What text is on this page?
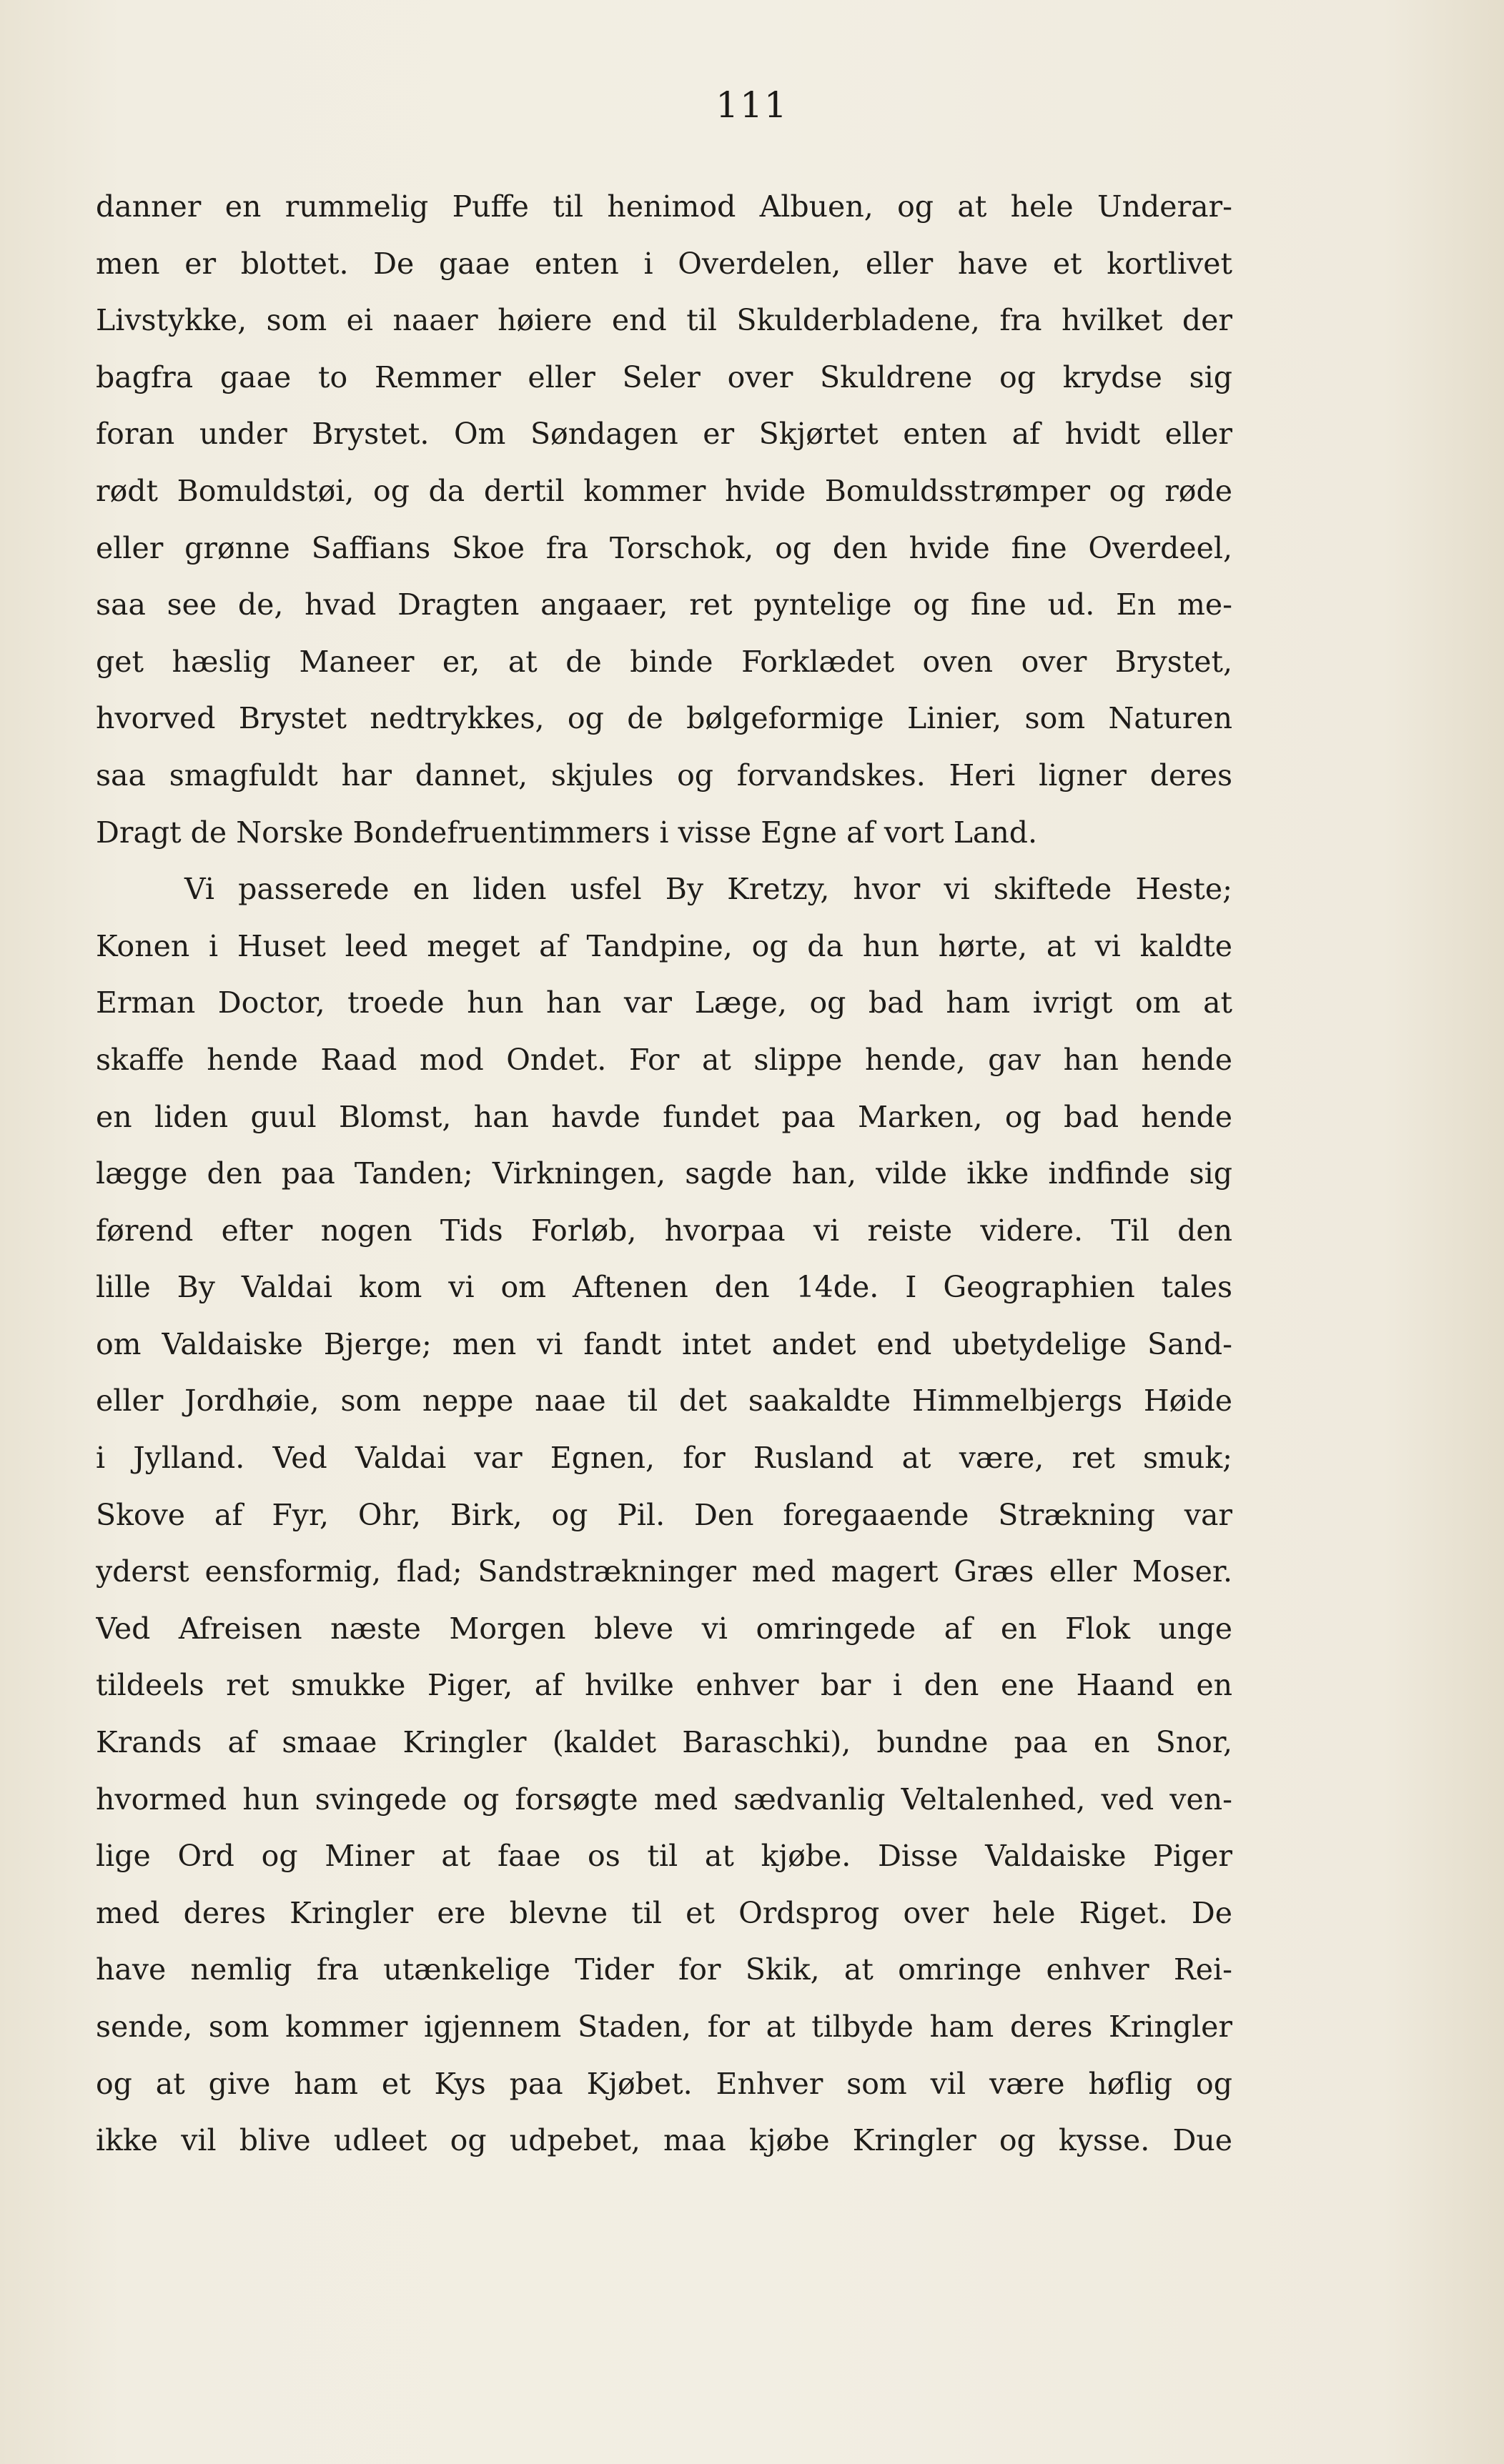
111
danner en rummelig Puffe til henimod Albuen, og at hele Underar-
men er blottet. De gaae enten i Overdelen, eller have et kortlivet
Livstykke, som ei naaer høiere end til Skulderbladene, fra hvilket der
bagfra gaae to Remmer eller Seler over Skuldrene og krydse sig
foran under Brystet. Om Søndagen er Skjørtet enten af hvidt eller
rødt Bomuldstøi, og da dertil kommer hvide Bomuldsstrømper og røde
eller grønne Saffians Skoe fra Torschok, og den hvide fine Overdeel,
saa see de, hvad Dragten angaaer, ret pyntelige og fine ud. En me-
get hæslig Maneer er, at de binde Forklædet oven over Brystet,
hvorved Brystet nedtrykkes, og de bølgeformige Linier, som Naturen
saa smagfuldt har dannet, skjules og forvandskes. Heri ligner deres
Dragt de Norske Bondefruentimmers i visse Egne af vort Land.
Vi passerede en liden usfel By Kretzy, hvor vi skiftede Heste;
Konen i Huset leed meget af Tandpine, og da hun hørte, at vi kaldte
Erman Doctor, troede hun han var Læge, og bad ham ivrigt om at
skaffe hende Raad mod Ondet. For at slippe hende, gav han hende
en liden guul Blomst, han havde fundet paa Marken, og bad hende
lægge den paa Tanden; Virkningen, sagde han, vilde ikke indfinde sig
førend efter nogen Tids Forløb, hvorpaa vi reiste videre. Til den
lille By Valdai kom vi om Aftenen den 14de. I Geographien tales
om Valdaiske Bjerge; men vi fandt intet andet end ubetydelige Sand-
eller Jordhøie, som neppe naae til det saakaldte Himmelbjergs Høide
i Jylland. Ved Valdai var Egnen, for Rusland at være, ret smuk;
Skove af Fyr, Ohr, Birk, og Pil. Den foregaaende Strækning var
yderst eensformig, flad; Sandstrækninger med magert Græs eller Moser.
Ved Afreisen næste Morgen bleve vi omringede af en Flok unge
tildeels ret smukke Piger, af hvilke enhver bar i den ene Haand en
Krands af smaae Kringler (kaldet Baraschki), bundne paa en Snor,
hvormed hun svingede og forsøgte med sædvanlig Veltalenhed, ved ven-
lige Ord og Miner at faae os til at kjøbe. Disse Valdaiske Piger
med deres Kringler ere blevne til et Ordsprog over hele Riget. De
have nemlig fra utænkelige Tider for Skik, at omringe enhver Rei-
sende, som kommer igjennem Staden, for at tilbyde ham deres Kringler
og at give ham et Kys paa Kjøbet. Enhver som vil være høflig og
ikke vil blive udleet og udpebet, maa kjøbe Kringler og kysse. Due
